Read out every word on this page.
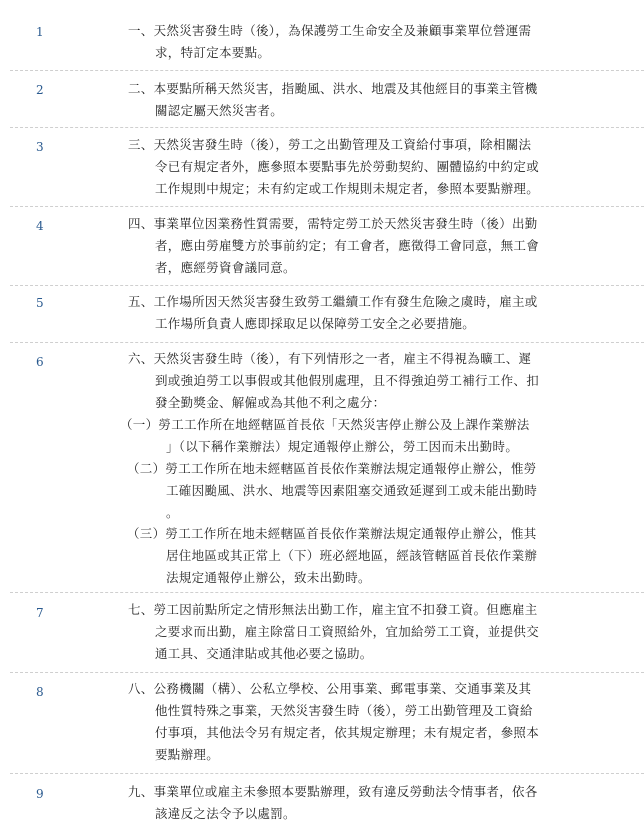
1	一、天然災害發生時（後），為保護勞工生命安全及兼顧事業單位營運需
求，特訂定本要點。
2	二、本要點所稱天然災害，指颱風、洪水、地震及其他經目的事業主管機
關認定屬天然災害者。
3	三、天然災害發生時（後），勞工之出勤管理及工資給付事項，除相關法
令已有規定者外，應參照本要點事先於勞動契約、團體協約中約定或
工作規則中規定；未有約定或工作規則未規定者，參照本要點辦理。
4	四、事業單位因業務性質需要，需特定勞工於天然災害發生時（後）出勤
者，應由勞雇雙方於事前約定；有工會者，應徵得工會同意，無工會
者，應經勞資會議同意。
5	五、工作場所因天然災害發生致勞工繼續工作有發生危險之虞時，雇主或
工作場所負責人應即採取足以保障勞工安全之必要措施。
6	六、天然災害發生時（後），有下列情形之一者，雇主不得視為曠工、遲
到或強迫勞工以事假或其他假別處理，且不得強迫勞工補行工作、扣
發全勤獎金、解僱或為其他不利之處分：
（一）勞工工作所在地經轄區首長依「天然災害停止辦公及上課作業辦法
」（以下稱作業辦法）規定通報停止辦公，勞工因而未出勤時。
（二）勞工工作所在地未經轄區首長依作業辦法規定通報停止辦公，惟勞
工確因颱風、洪水、地震等因素阻塞交通致延遲到工或未能出勤時
。
（三）勞工工作所在地未經轄區首長依作業辦法規定通報停止辦公，惟其
居住地區或其正常上（下）班必經地區，經該管轄區首長依作業辦
法規定通報停止辦公，致未出勤時。
7	七、勞工因前點所定之情形無法出勤工作，雇主宜不扣發工資。但應雇主
之要求而出勤，雇主除當日工資照給外，宜加給勞工工資，並提供交
通工具、交通津貼或其他必要之協助。
8	八、公務機關（構）、公私立學校、公用事業、郵電事業、交通事業及其
他性質特殊之事業，天然災害發生時（後），勞工出勤管理及工資給
付事項，其他法令另有規定者，依其規定辦理；未有規定者，參照本
要點辦理。
9	九、事業單位或雇主未參照本要點辦理，致有違反勞動法令情事者，依各
該違反之法令予以處罰。
